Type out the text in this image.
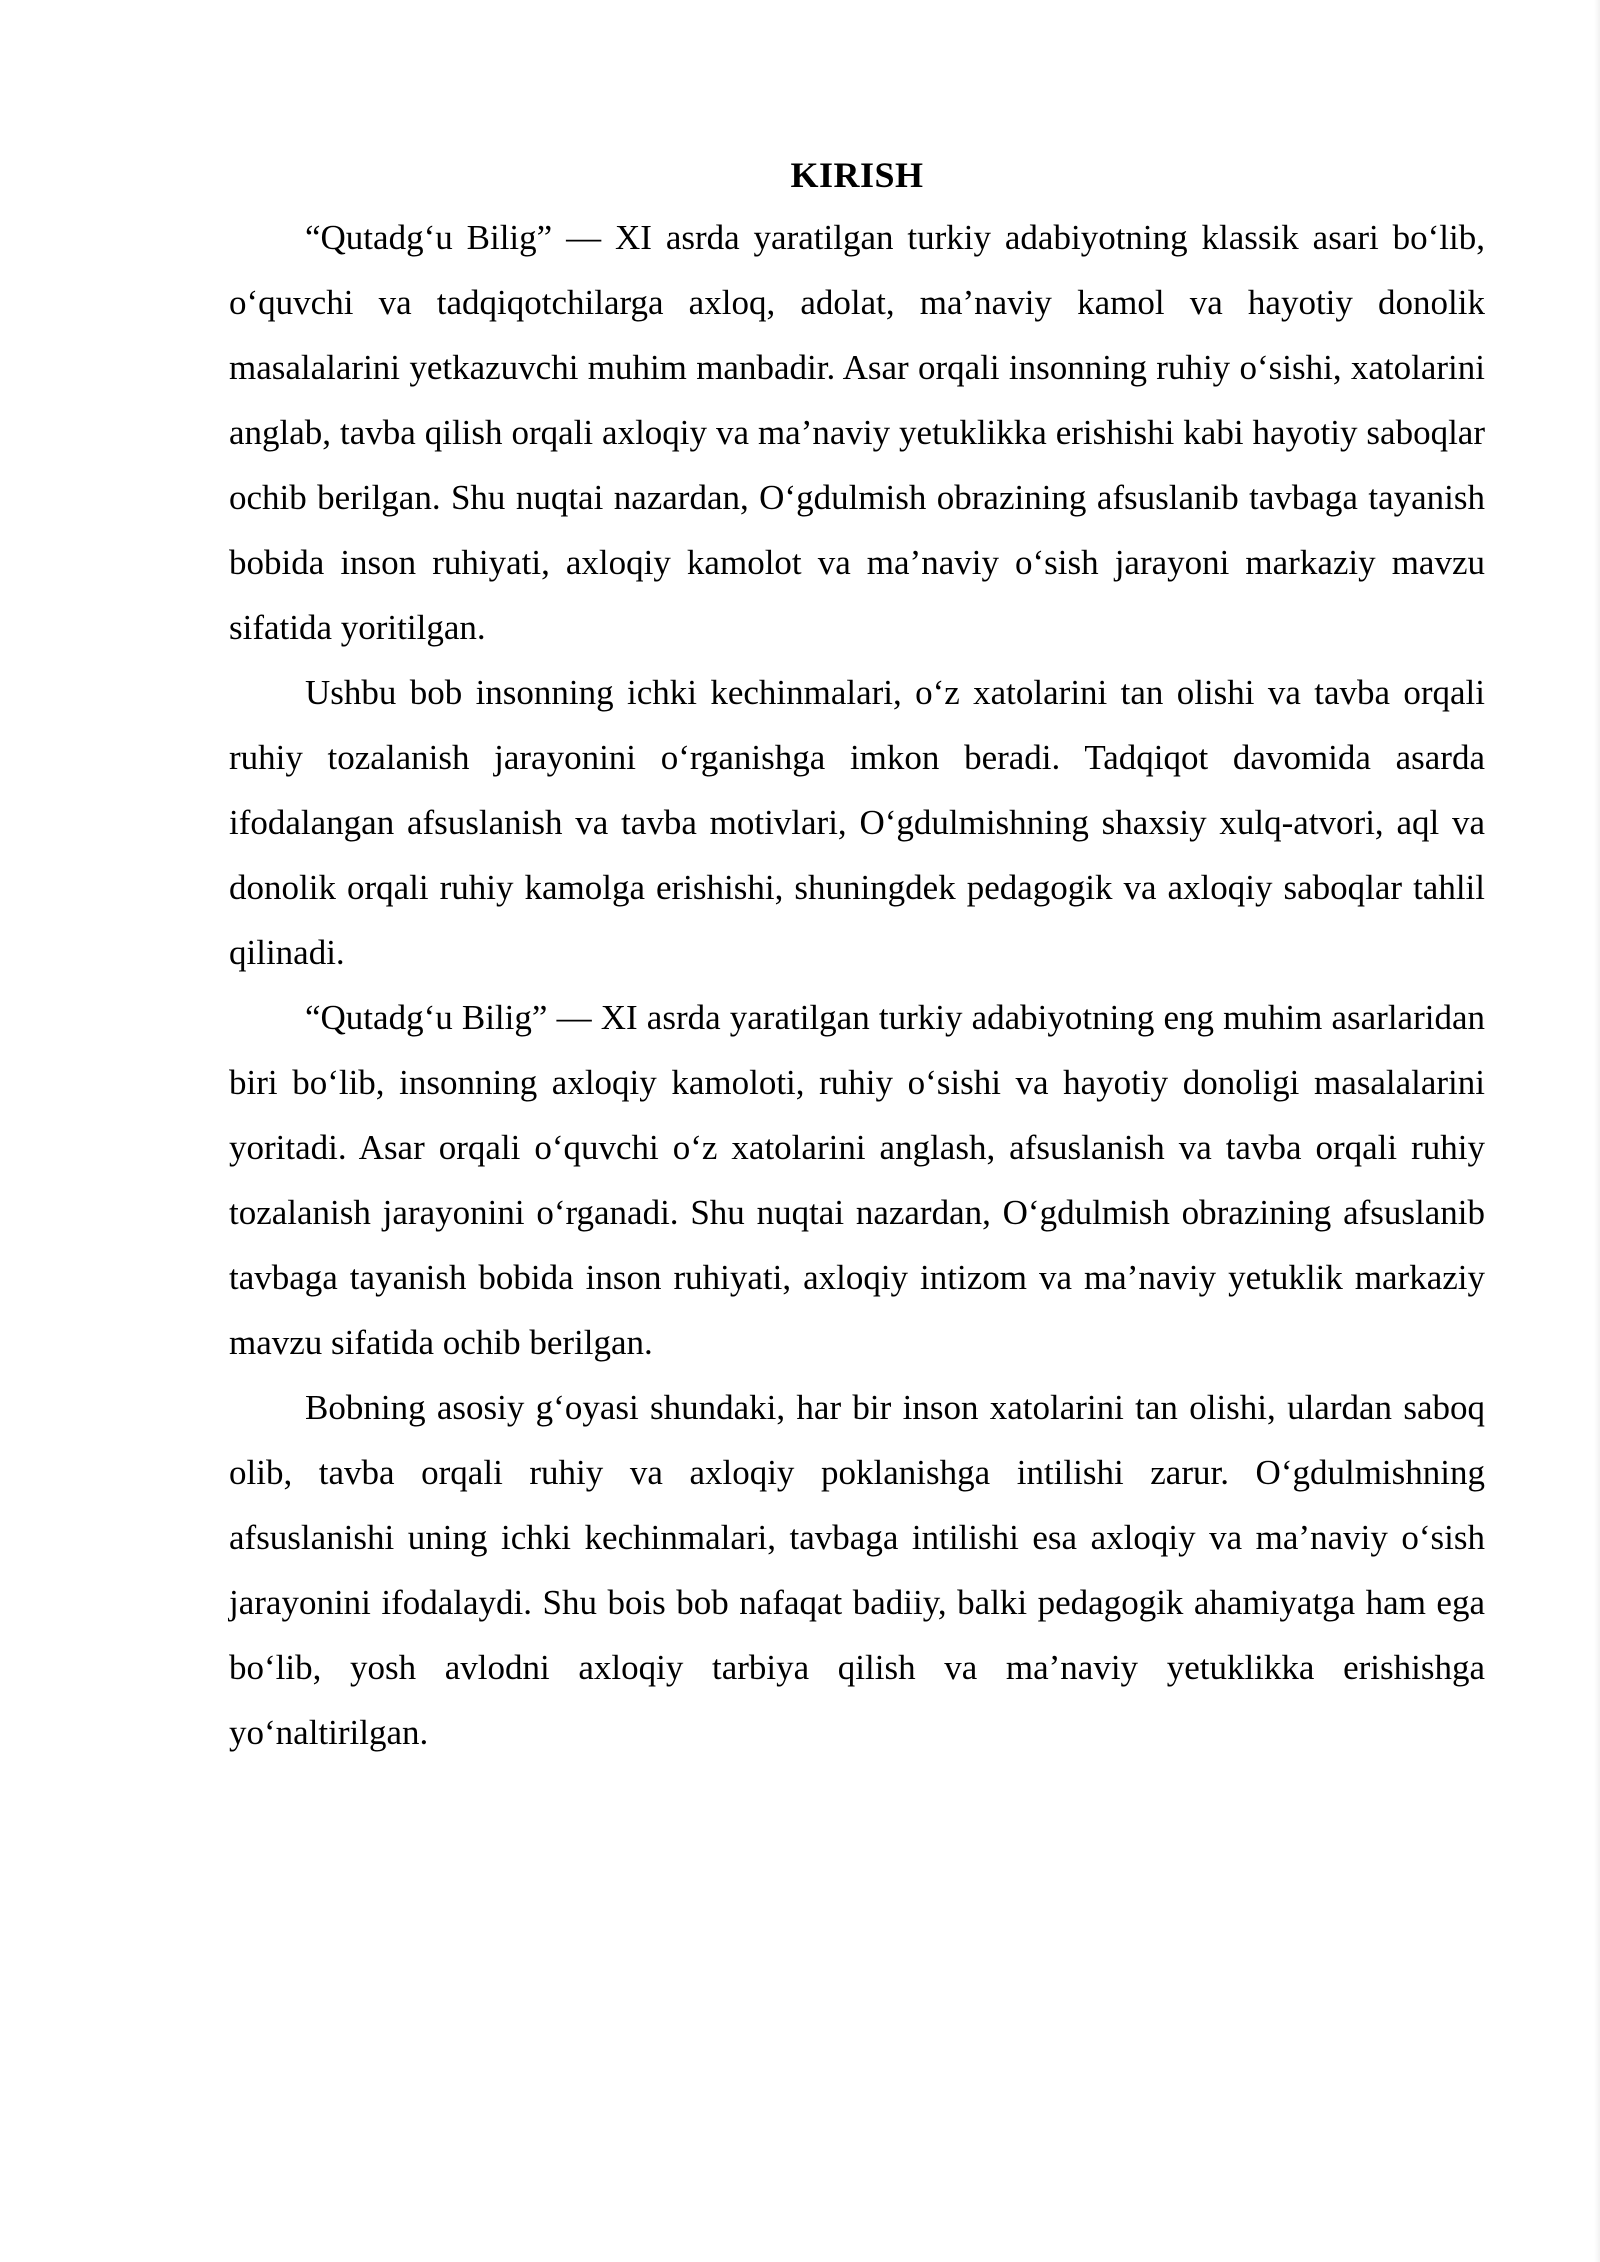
KIRISH

“Qutadg‘u Bilig” — XI asrda yaratilgan turkiy adabiyotning klassik asari bo‘lib, o‘quvchi va tadqiqotchilarga axloq, adolat, ma’naviy kamol va hayotiy donolik masalalarini yetkazuvchi muhim manbadir. Asar orqali insonning ruhiy o‘sishi, xatolarini anglab, tavba qilish orqali axloqiy va ma’naviy yetuklikka erishishi kabi hayotiy saboqlar ochib berilgan. Shu nuqtai nazardan, O‘gdulmish obrazining afsuslanib tavbaga tayanish bobida inson ruhiyati, axloqiy kamolot va ma’naviy o‘sish jarayoni markaziy mavzu sifatida yoritilgan.

Ushbu bob insonning ichki kechinmalari, o‘z xatolarini tan olishi va tavba orqali ruhiy tozalanish jarayonini o‘rganishga imkon beradi. Tadqiqot davomida asarda ifodalangan afsuslanish va tavba motivlari, O‘gdulmishning shaxsiy xulq-atvori, aql va donolik orqali ruhiy kamolga erishishi, shuningdek pedagogik va axloqiy saboqlar tahlil qilinadi.

“Qutadg‘u Bilig” — XI asrda yaratilgan turkiy adabiyotning eng muhim asarlaridan biri bo‘lib, insonning axloqiy kamoloti, ruhiy o‘sishi va hayotiy donoligi masalalarini yoritadi. Asar orqali o‘quvchi o‘z xatolarini anglash, afsuslanish va tavba orqali ruhiy tozalanish jarayonini o‘rganadi. Shu nuqtai nazardan, O‘gdulmish obrazining afsuslanib tavbaga tayanish bobida inson ruhiyati, axloqiy intizom va ma’naviy yetuklik markaziy mavzu sifatida ochib berilgan.

Bobning asosiy g‘oyasi shundaki, har bir inson xatolarini tan olishi, ulardan saboq olib, tavba orqali ruhiy va axloqiy poklanishga intilishi zarur. O‘gdulmishning afsuslanishi uning ichki kechinmalari, tavbaga intilishi esa axloqiy va ma’naviy o‘sish jarayonini ifodalaydi. Shu bois bob nafaqat badiiy, balki pedagogik ahamiyatga ham ega bo‘lib, yosh avlodni axloqiy tarbiya qilish va ma’naviy yetuklikka erishishga yo‘naltirilgan.
